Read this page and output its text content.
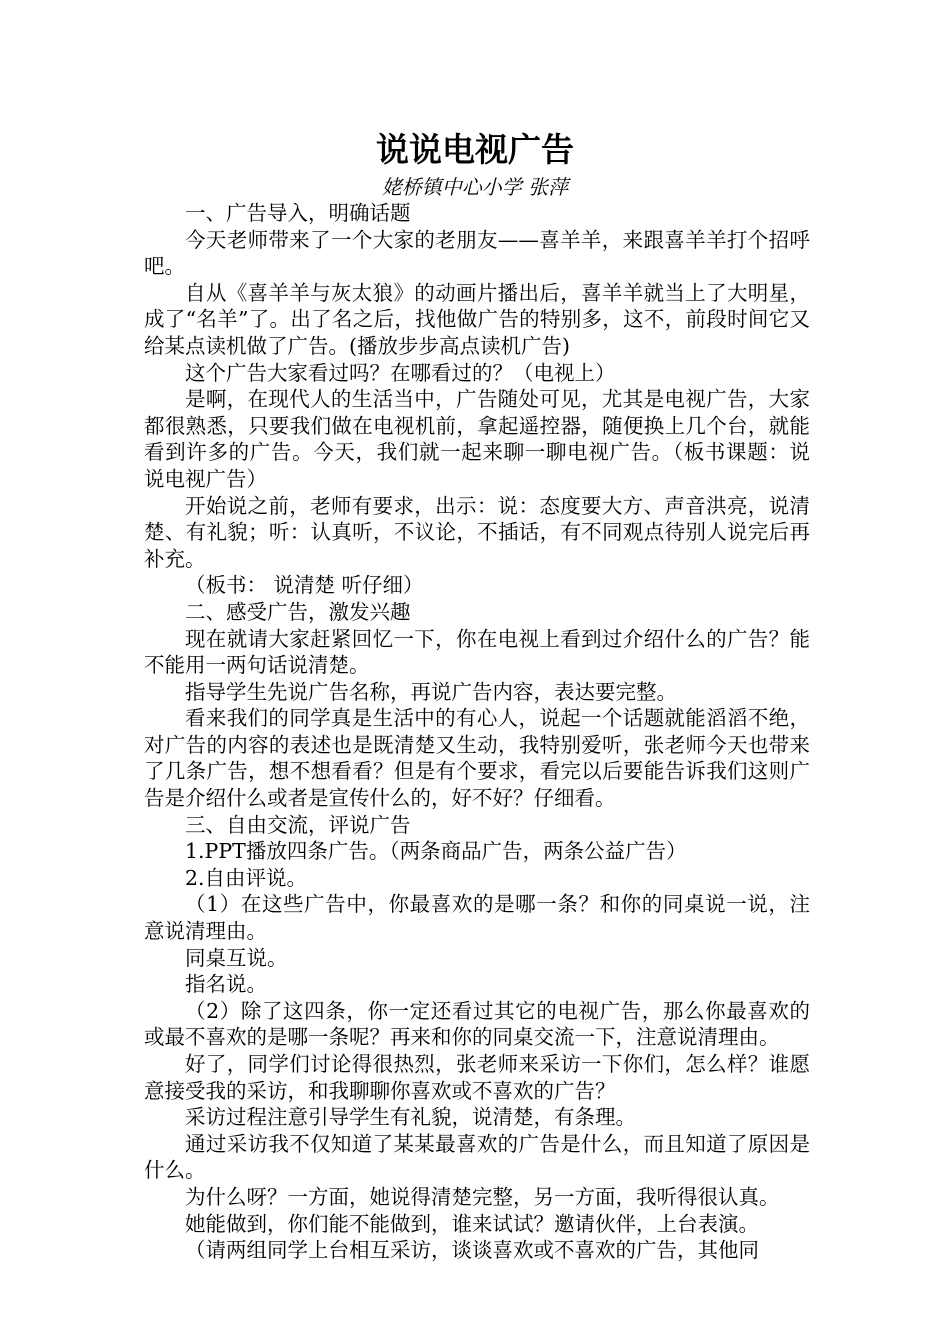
说说电视广告
姥桥镇中心小学 张萍

一、广告导入，明确话题

今天老师带来了一个大家的老朋友——喜羊羊，来跟喜羊羊打个招呼吧。

自从《喜羊羊与灰太狼》的动画片播出后，喜羊羊就当上了大明星，成了“名羊”了。出了名之后，找他做广告的特别多，这不，前段时间它又给某点读机做了广告。(播放步步高点读机广告)

这个广告大家看过吗？在哪看过的？（电视上）

是啊，在现代人的生活当中，广告随处可见，尤其是电视广告，大家都很熟悉，只要我们做在电视机前，拿起遥控器，随便换上几个台，就能看到许多的广告。今天，我们就一起来聊一聊电视广告。（板书课题：说说电视广告）

开始说之前，老师有要求，出示：说：态度要大方、声音洪亮，说清楚、有礼貌；听：认真听，不议论，不插话，有不同观点待别人说完后再补充。

（板书： 说清楚 听仔细）

二、感受广告，激发兴趣

现在就请大家赶紧回忆一下，你在电视上看到过介绍什么的广告？能不能用一两句话说清楚。

指导学生先说广告名称，再说广告内容，表达要完整。

看来我们的同学真是生活中的有心人，说起一个话题就能滔滔不绝，对广告的内容的表述也是既清楚又生动，我特别爱听，张老师今天也带来了几条广告，想不想看看？但是有个要求，看完以后要能告诉我们这则广告是介绍什么或者是宣传什么的，好不好？仔细看。

三、自由交流，评说广告

1.PPT播放四条广告。（两条商品广告，两条公益广告）

2.自由评说。

（1）在这些广告中，你最喜欢的是哪一条？和你的同桌说一说，注意说清理由。

同桌互说。

指名说。

（2）除了这四条，你一定还看过其它的电视广告，那么你最喜欢的或最不喜欢的是哪一条呢？再来和你的同桌交流一下，注意说清理由。

好了，同学们讨论得很热烈，张老师来采访一下你们，怎么样？谁愿意接受我的采访，和我聊聊你喜欢或不喜欢的广告？

采访过程注意引导学生有礼貌，说清楚，有条理。

通过采访我不仅知道了某某最喜欢的广告是什么，而且知道了原因是什么。

为什么呀？一方面，她说得清楚完整，另一方面，我听得很认真。

她能做到，你们能不能做到，谁来试试？邀请伙伴，上台表演。

（请两组同学上台相互采访，谈谈喜欢或不喜欢的广告，其他同
